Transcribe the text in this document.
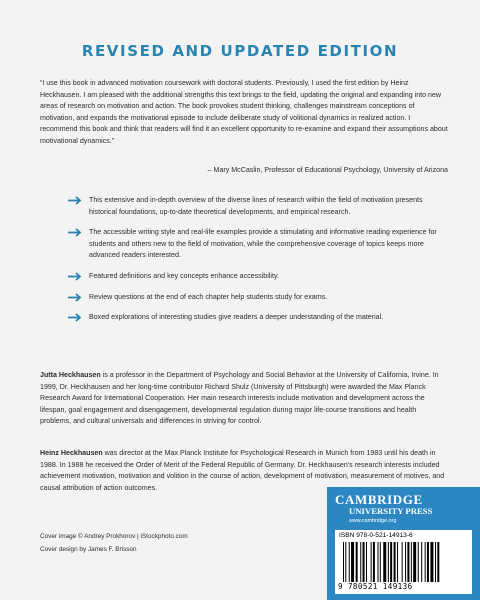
REVISED AND UPDATED EDITION
“I use this book in advanced motivation coursework with doctoral students. Previously, I used the first edition by Heinz Heckhausen. I am pleased with the additional strengths this text brings to the field, updating the original and expanding into new areas of research on motivation and action. The book provokes student thinking, challenges mainstream conceptions of motivation, and expands the motivational episode to include deliberate study of volitional dynamics in realized action. I recommend this book and think that readers will find it an excellent opportunity to re-examine and expand their assumptions about motivational dynamics.”
– Mary McCaslin, Professor of Educational Psychology, University of Arizona
This extensive and in-depth overview of the diverse lines of research within the field of motivation presents historical foundations, up-to-date theoretical developments, and empirical research.
The accessible writing style and real-life examples provide a stimulating and informative reading experience for students and others new to the field of motivation, while the comprehensive coverage of topics keeps more advanced readers interested.
Featured definitions and key concepts enhance accessibility.
Review questions at the end of each chapter help students study for exams.
Boxed explorations of interesting studies give readers a deeper understanding of the material.

Jutta Heckhausen is a professor in the Department of Psychology and Social Behavior at the University of California, Irvine. In 1999, Dr. Heckhausen and her long-time contributor Richard Shulz (University of Pittsburgh) were awarded the Max Planck Research Award for International Cooperation. Her main research interests include motivation and development across the lifespan, goal engagement and disengagement, developmental regulation during major life-course transitions and health problems, and cultural universals and differences in striving for control.

Heinz Heckhausen was director at the Max Planck Institute for Psychological Research in Munich from 1983 until his death in 1988. In 1988 he received the Order of Merit of the Federal Republic of Germany. Dr. Heckhausen's research interests included achievement motivation, motivation and volition in the course of action, development of motivation, measurement of motives, and causal attribution of action outcomes.

Cover image © Andrey Prokhorov | iStockphoto.com
Cover design by James F. Brisson
CAMBRIDGE
UNIVERSITY PRESS
www.cambridge.org
ISBN 978-0-521-14913-6
9 780521 149136
